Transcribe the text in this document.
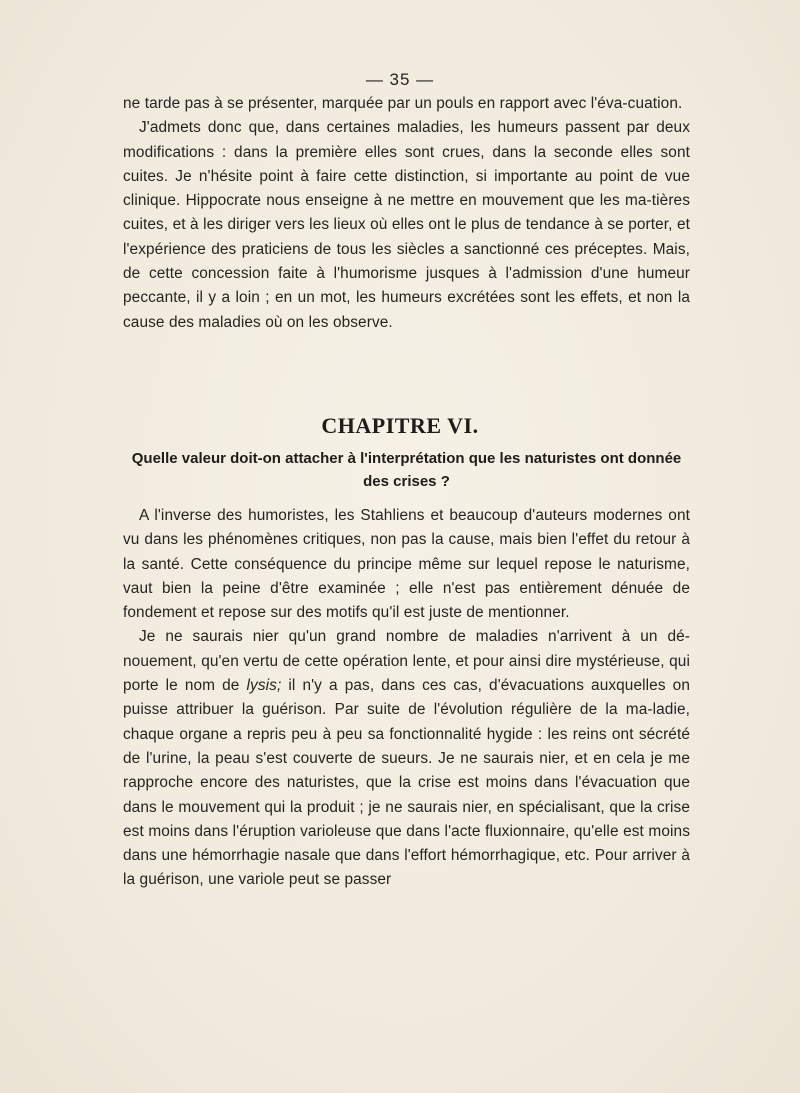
— 35 —

ne tarde pas à se présenter, marquée par un pouls en rapport avec l'éva-cuation.

J'admets donc que, dans certaines maladies, les humeurs passent par deux modifications : dans la première elles sont crues, dans la seconde elles sont cuites. Je n'hésite point à faire cette distinction, si importante au point de vue clinique. Hippocrate nous enseigne à ne mettre en mouvement que les ma-tières cuites, et à les diriger vers les lieux où elles ont le plus de tendance à se porter, et l'expérience des praticiens de tous les siècles a sanctionné ces préceptes. Mais, de cette concession faite à l'humorisme jusques à l'admission d'une humeur peccante, il y a loin ; en un mot, les humeurs excrétées sont les effets, et non la cause des maladies où on les observe.

CHAPITRE VI.
Quelle valeur doit-on attacher à l'interprétation que les naturistes ont donnée des crises ?

A l'inverse des humoristes, les Stahliens et beaucoup d'auteurs modernes ont vu dans les phénomènes critiques, non pas la cause, mais bien l'effet du retour à la santé. Cette conséquence du principe même sur lequel repose le naturisme, vaut bien la peine d'être examinée ; elle n'est pas entièrement dénuée de fondement et repose sur des motifs qu'il est juste de mentionner.

Je ne saurais nier qu'un grand nombre de maladies n'arrivent à un dé-nouement, qu'en vertu de cette opération lente, et pour ainsi dire mystérieuse, qui porte le nom de lysis; il n'y a pas, dans ces cas, d'évacuations auxquelles on puisse attribuer la guérison. Par suite de l'évolution régulière de la ma-ladie, chaque organe a repris peu à peu sa fonctionnalité hygide : les reins ont sécrété de l'urine, la peau s'est couverte de sueurs. Je ne saurais nier, et en cela je me rapproche encore des naturistes, que la crise est moins dans l'évacuation que dans le mouvement qui la produit ; je ne saurais nier, en spécialisant, que la crise est moins dans l'éruption varioleuse que dans l'acte fluxionnaire, qu'elle est moins dans une hémorrhagie nasale que dans l'effort hémorrhagique, etc. Pour arriver à la guérison, une variole peut se passer
